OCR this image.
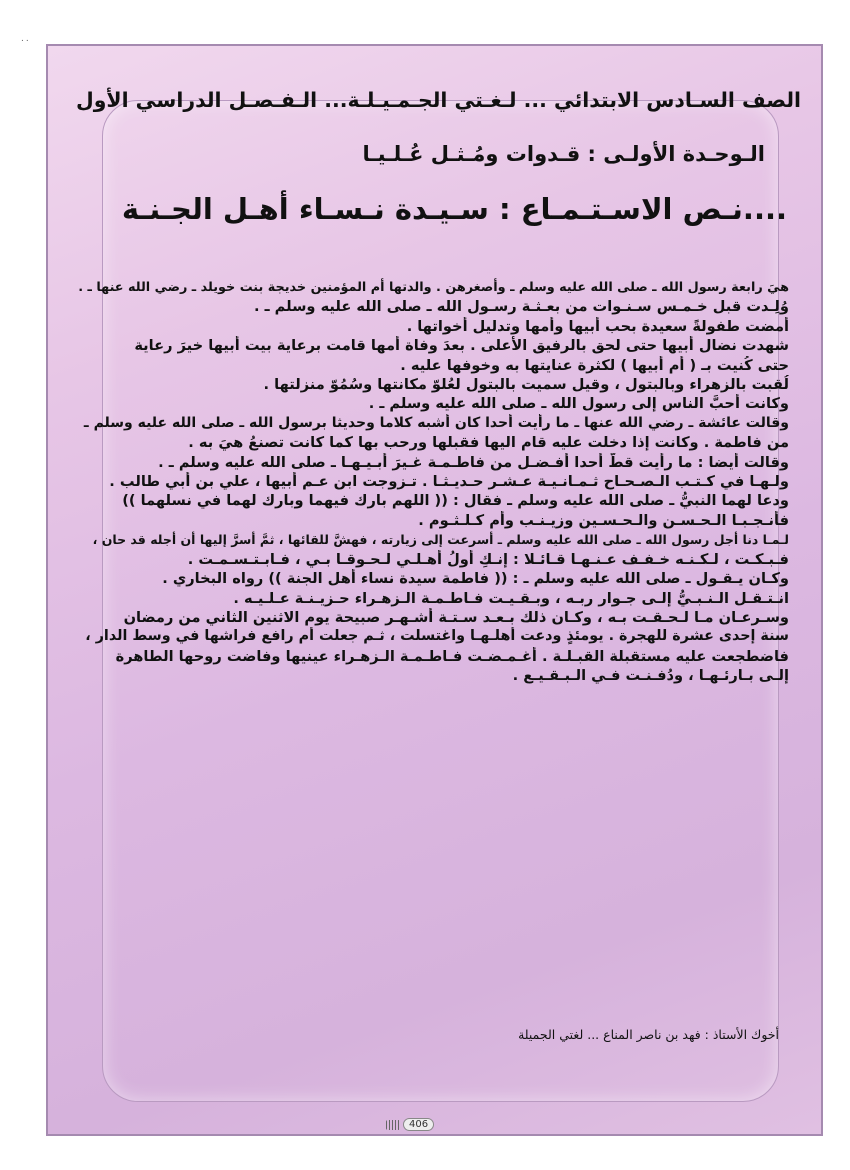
٠٠
الصف السـادس الابتدائي ... لـغـتي الجـمـيـلـة... الـفـصـل الدراسي الأول
الـوحـدة الأولـى : قـدوات ومُـثـل عُـلـيـا
....نـص الاسـتـمـاع : سـيـدة نـسـاء أهـل الجـنـة
هيَ رابعة رسول الله ـ صلى الله عليه وسلم ـ وأصغرهن . والدتها أم المؤمنين خديجة بنت خويلد ـ رضي الله عنها ـ .
وُلِـدت قبل خـمـس سـنـوات من بعـثـة رسـول الله ـ صلى الله عليه وسلم ـ .
أمضت طفولةً سعيدة بحب أبيها وأمها وتدليل أخواتها .
شهدت نضال أبيها حتى لحق بالرفيق الأعلى . بعدَ وفاة أمها قامت برعاية بيت أبيها خيرَ رعاية
حتى كُنيت بـ ( أم أبيها ) لكثرة عنايتها به وخوفها عليه .
لُقبت بالزهراء وبالبتول ، وقيل سميت بالبتول لعُلوّ مكانتها وسُمُوّ منزلتها .
وكانت أحبَّ الناس إلى رسول الله ـ صلى الله عليه وسلم ـ .
وقالت عائشة ـ رضي الله عنها ـ ما رأيت أحدا كان أشبه كلاما وحديثا برسول الله ـ صلى الله عليه وسلم ـ
من فاطمة . وكانت إذا دخلت عليه قام اليها فقبلها ورحب بها كما كانت تصنعُ هيَ به .
وقالت أيضا : ما رأيت قطُّ أحدا أفـضـل من فاطـمـة غـيرَ أبـيـهـا ـ صلى الله عليه وسلم ـ .
ولـهـا في كـتـب الـصـحـاح ثـمـانـيـة عـشـر حـديـثـا . تـزوجت ابن عـم أبيها ، علي بن أبي طالب .
ودعا لهما النبيُّ ـ صلى الله عليه وسلم ـ فقال : (( اللهم بارك فيهما وبارك لهما في نسلهما ))
فأنـجـبـا الـحـسـن والـحـسـين وزيـنـب وأم كـلـثـوم .
لـمـا دنا أجل رسول الله ـ صلى الله عليه وسلم ـ أسرعت إلى زيارته ، فهشَّ للقائها ، ثمَّ أسرَّ إليها أن أجله قد حان ،
فـبـكـت ، لـكـنـه خـفـف عـنـهـا قـائـلا : إنـكِ أولُ أهـلـي لـحـوقـا بـي ، فـابـتـسـمـت .
وكـان يـقـول ـ صلى الله عليه وسلم ـ : (( فاطمة سيدة نساء أهل الجنة )) رواه البخاري .
انـتـقـل الـنـبـيُّ إلـى جـوار ربـه ، وبـقـيـت فـاطـمـة الـزهـراء حـزيـنـة عـلـيـه .
وسـرعـان مـا لـحـقـت بـه ، وكـان ذلك بـعـد سـتـة أشـهـر صبيحة يوم الاثنين الثاني من رمضان
سنة إحدى عشرة للهجرة . يومئذٍ ودعت أهلـهـا واغتسلت ، ثـم جعلت أم رافع فراشها في وسط الدار ،
فاضطجعت عليه مستقبلة القبـلـة . أغـمـضـت فـاطـمـة الـزهـراء عينيها وفاضت روحها الطاهرة
إلـى بـارئـهـا ، ودُفـنـت فـي الـبـقـيـع .
أخوك الأستاذ : فهد بن ناصر المناع ... لغتي الجميلة
406
